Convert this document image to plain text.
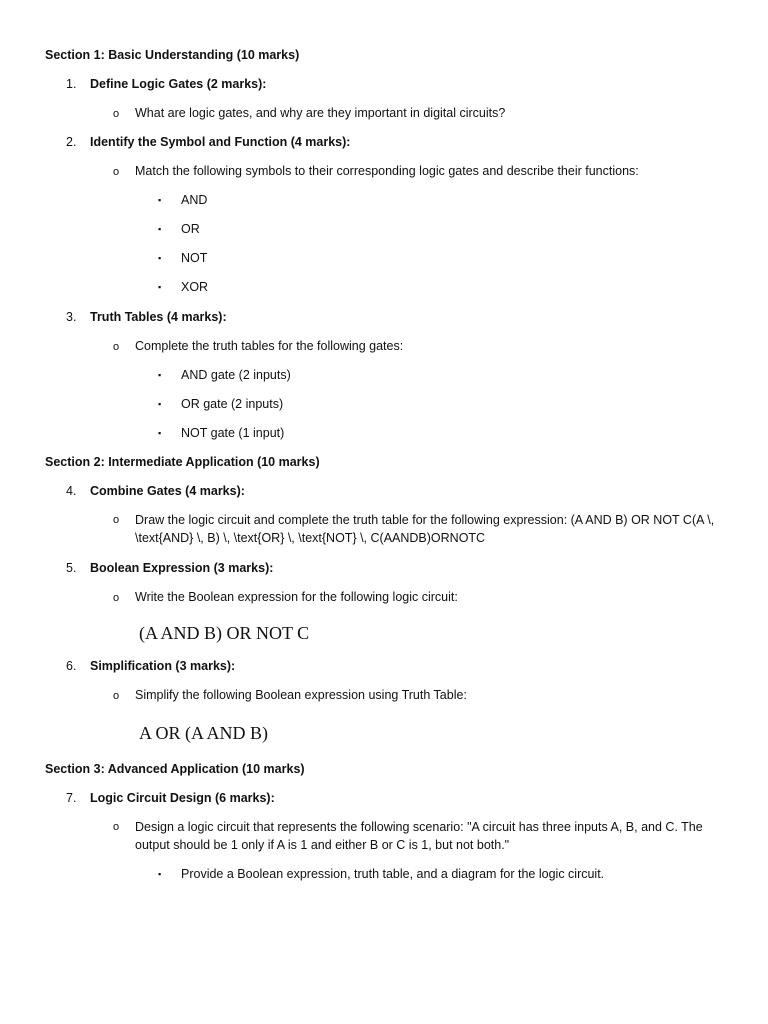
Section 1: Basic Understanding (10 marks)
1. Define Logic Gates (2 marks):
o What are logic gates, and why are they important in digital circuits?
2. Identify the Symbol and Function (4 marks):
o Match the following symbols to their corresponding logic gates and describe their functions:
▪ AND
▪ OR
▪ NOT
▪ XOR
3. Truth Tables (4 marks):
o Complete the truth tables for the following gates:
▪ AND gate (2 inputs)
▪ OR gate (2 inputs)
▪ NOT gate (1 input)
Section 2: Intermediate Application (10 marks)
4. Combine Gates (4 marks):
o Draw the logic circuit and complete the truth table for the following expression: (A AND B) OR NOT C(A \, \text{AND} \, B) \, \text{OR} \, \text{NOT} \, C(AANDB)ORNOTC
5. Boolean Expression (3 marks):
o Write the Boolean expression for the following logic circuit:
(A AND B) OR NOT C
6. Simplification (3 marks):
o Simplify the following Boolean expression using Truth Table:
A OR (A AND B)
Section 3: Advanced Application (10 marks)
7. Logic Circuit Design (6 marks):
o Design a logic circuit that represents the following scenario: "A circuit has three inputs A, B, and C. The output should be 1 only if A is 1 and either B or C is 1, but not both."
▪ Provide a Boolean expression, truth table, and a diagram for the logic circuit.
